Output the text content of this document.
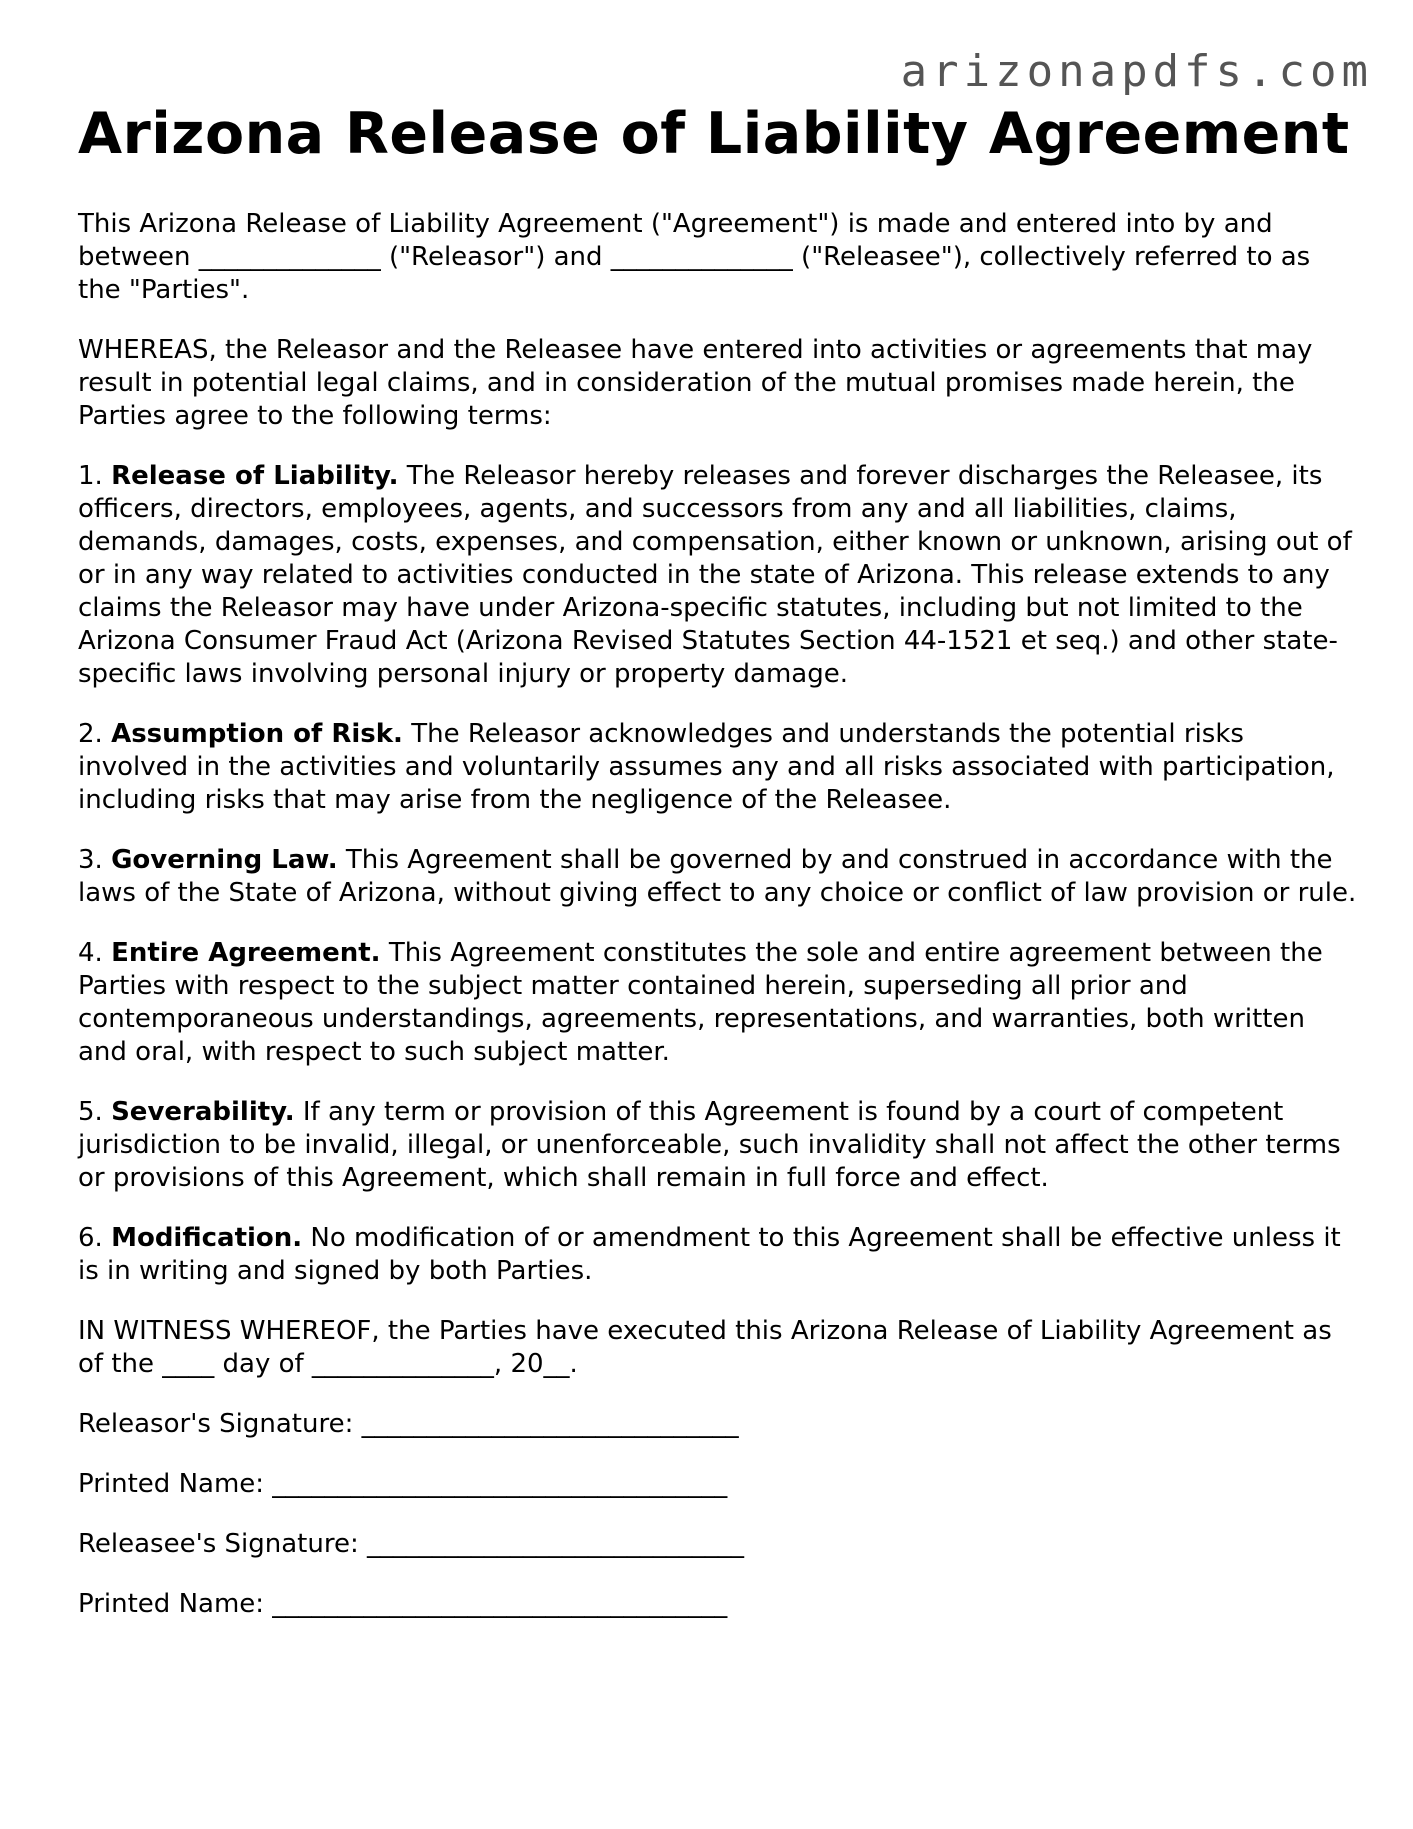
arizonapdfs.com

Arizona Release of Liability Agreement

This Arizona Release of Liability Agreement ("Agreement") is made and entered into by and between ______________ ("Releasor") and ______________ ("Releasee"), collectively referred to as the "Parties".

WHEREAS, the Releasor and the Releasee have entered into activities or agreements that may result in potential legal claims, and in consideration of the mutual promises made herein, the Parties agree to the following terms:

1. Release of Liability. The Releasor hereby releases and forever discharges the Releasee, its officers, directors, employees, agents, and successors from any and all liabilities, claims, demands, damages, costs, expenses, and compensation, either known or unknown, arising out of or in any way related to activities conducted in the state of Arizona. This release extends to any claims the Releasor may have under Arizona-specific statutes, including but not limited to the Arizona Consumer Fraud Act (Arizona Revised Statutes Section 44-1521 et seq.) and other state-specific laws involving personal injury or property damage.

2. Assumption of Risk. The Releasor acknowledges and understands the potential risks involved in the activities and voluntarily assumes any and all risks associated with participation, including risks that may arise from the negligence of the Releasee.

3. Governing Law. This Agreement shall be governed by and construed in accordance with the laws of the State of Arizona, without giving effect to any choice or conflict of law provision or rule.

4. Entire Agreement. This Agreement constitutes the sole and entire agreement between the Parties with respect to the subject matter contained herein, superseding all prior and contemporaneous understandings, agreements, representations, and warranties, both written and oral, with respect to such subject matter.

5. Severability. If any term or provision of this Agreement is found by a court of competent jurisdiction to be invalid, illegal, or unenforceable, such invalidity shall not affect the other terms or provisions of this Agreement, which shall remain in full force and effect.

6. Modification. No modification of or amendment to this Agreement shall be effective unless it is in writing and signed by both Parties.

IN WITNESS WHEREOF, the Parties have executed this Arizona Release of Liability Agreement as of the ____ day of ______________, 20__.

Releasor's Signature: _____________________________

Printed Name: ___________________________________

Releasee's Signature: _____________________________

Printed Name: ___________________________________
